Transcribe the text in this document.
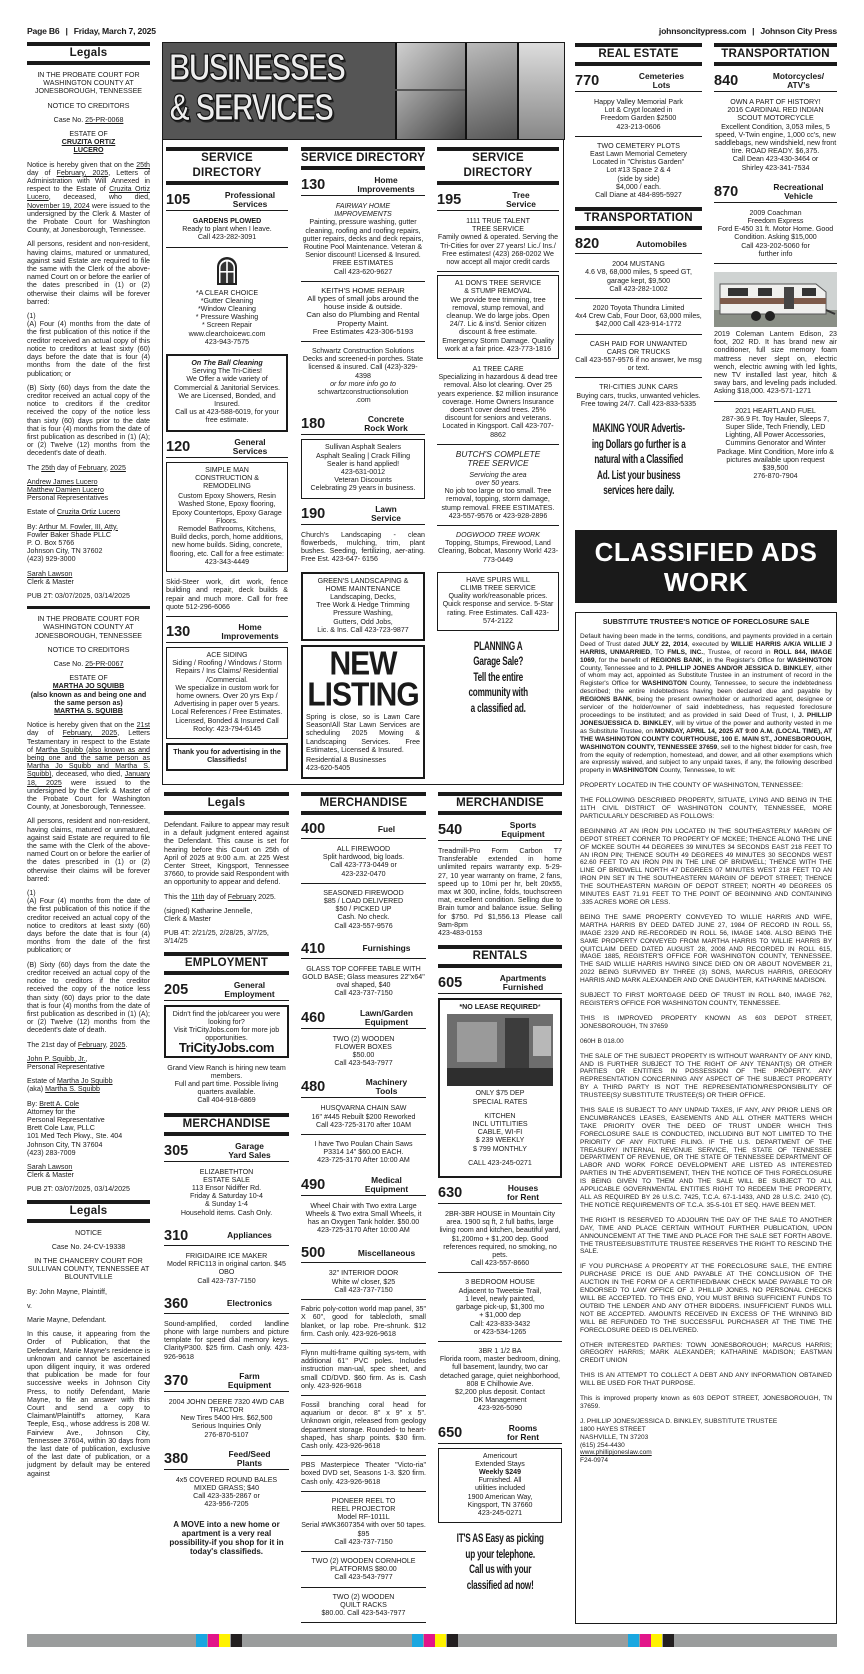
Page B6 | Friday, March 7, 2025	johnsoncitypress.com | Johnson City Press
BUSINESSES
& SERVICES
Legals
IN THE PROBATE COURT FOR WASHINGTON COUNTY AT JONESBOROUGH, TENNESSEE
NOTICE TO CREDITORS
Case No. 25-PR-0068
ESTATE OF
CRUZITA ORTIZ
LUCERO
Notice is hereby given that on the 25th day of February, 2025, Letters of Administration with Will Annexed in respect to the Estate of Cruzita Ortiz Lucero, deceased, who died, November 19, 2024 were issued to the undersigned by the Clerk & Master of the Probate Court for Washington County, at Jonesborough, Tennessee.
All persons, resident and non-resident, having claims, matured or unmatured, against said Estate are required to file the same with the Clerk of the above-named Court on or before the earlier of the dates prescribed in (1) or (2) otherwise their claims will be forever barred:
(1)
(A) Four (4) months from the date of the first publication of this notice if the creditor received an actual copy of this notice to creditors at least sixty (60) days before the date that is four (4) months from the date of the first publication; or
(B) Sixty (60) days from the date the creditor received an actual copy of the notice to creditors if the creditor received the copy of the notice less than sixty (60) days prior to the date that is four (4) months from the date of first publication as described in (1) (A); or (2) Twelve (12) months from the decedent's date of death.
The 25th day of February, 2025
Andrew James Lucero
Matthew Damien Lucero
Personal Representatives
Estate of Cruzita Ortiz Lucero
By: Arthur M. Fowler, III, Atty.
Fowler Baker Shade PLLC
P. O. Box 5766
Johnson City, TN 37602
(423) 929-3000
Sarah Lawson
Clerk & Master
PUB 2T: 03/07/2025, 03/14/2025
IN THE PROBATE COURT FOR WASHINGTON COUNTY AT JONESBOROUGH, TENNESSEE
NOTICE TO CREDITORS
Case No. 25-PR-0067
ESTATE OF
MARTHA JO SQUIBB
(also known as and being one and the same person as)
MARTHA S. SQUIBB
Notice is hereby given that on the 21st day of February, 2025, Letters Testamentary in respect to the Estate of Martha Squibb (also known as and being one and the same person as Martha Jo Squibb and Martha S. Squibb), deceased, who died, January 18, 2025 were issued to the undersigned by the Clerk & Master of the Probate Court for Washington County, at Jonesborough, Tennessee.
All persons, resident and non-resident, having claims, matured or unmatured, against said Estate are required to file the same with the Clerk of the above-named Court on or before the earlier of the dates prescribed in (1) or (2) otherwise their claims will be forever barred:
(1)
(A) Four (4) months from the date of the first publication of this notice if the creditor received an actual copy of the notice to creditors at least sixty (60) days before the date that is four (4) months from the date of the first publication; or
(B) Sixty (60) days from the date the creditor received an actual copy of the notice to creditors if the creditor received the copy of the notice less than sixty (60) days prior to the date that is four (4) months from the date of first publication as described in (1) (A); or (2) Twelve (12) months from the decedent's date of death.
The 21st day of February, 2025.
John P. Squibb, Jr.,
Personal Representative
Estate of Martha Jo Squibb
(aka) Martha S. Squibb
By: Brett A. Cole
Attorney for the
Personal Representative
Brett Cole Law, PLLC
101 Med Tech Pkwy., Ste. 404
Johnson City, TN 37604
(423) 283-7009
Sarah Lawson
Clerk & Master
PUB 2T: 03/07/2025, 03/14/2025
Legals
NOTICE
Case No. 24-CV-19338
IN THE CHANCERY COURT FOR SULLIVAN COUNTY, TENNESSEE AT BLOUNTVILLE
By: John Mayne, Plaintiff,
v.
Marie Mayne, Defendant.
In this cause, it appearing from the Order of Publication, that the Defendant, Marie Mayne's residence is unknown and cannot be ascertained upon diligent inquiry, it was ordered that publication be made for four successive weeks in Johnson City Press, to notify Defendant, Marie Mayne, to file an answer with this Court and send a copy to Claimant/Plaintiff's attorney, Kara Teeple, Esq., whose address is 208 W. Fairview Ave., Johnson City, Tennessee 37604, within 30 days from the last date of publication, exclusive of the last date of publication, or a judgment by default may be entered against
SERVICE DIRECTORY
105	Professional
Services
GARDENS PLOWED
Ready to plant when I leave.
Call 423-282-3091
*A CLEAR CHOICE
*Gutter Cleaning
*Window Cleaning
* Pressure Washing
* Screen Repair
www.clearchoicewc.com
423-943-7575
On The Ball Cleaning
Serving The Tri-Cities!
We Offer a wide variety of Commercial & Janitorial Services. We are Licensed, Bonded, and Insured.
Call us at 423-588-6019, for your free estimate.
120	General
Services
SIMPLE MAN
CONSTRUCTION &
REMODELING
Custom Epoxy Showers, Resin Washed Stone, Epoxy flooring, Epoxy Countertops, Epoxy Garage Floors.
Remodel Bathrooms, Kitchens, Build decks, porch, home additions, new home builds. Siding, concrete, flooring, etc. Call for a free estimate: 423-343-4449
Skid-Steer work, dirt work, fence building and repair, deck builds & repair and much more. Call for free quote 512-296-6066
130	Home
Improvements
ACE SIDING
Siding / Roofing / Windows / Storm Repairs / Ins Claims/ Residential /Commercial.
We specialize in custom work for home owners. Over 20 yrs Exp / Advertising in paper over 5 years. Local References / Free Estimates. Licensed, Bonded & Insured Call Rocky: 423-794-6145
Thank you for advertising in the Classifieds!
SERVICE DIRECTORY
130	Home
Improvements
FAIRWAY HOME
IMPROVEMENTS
Painting, pressure washing, gutter cleaning, roofing and roofing repairs, gutter repairs, decks and deck repairs, Routine Pool Maintenance. Veteran & Senior discount! Licensed & Insured. FREE ESTIMATES
Call 423-620-9627
KEITH'S HOME REPAIR
All types of small jobs around the house inside & outside.
Can also do Plumbing and Rental Property Maint.
Free Estimates 423-306-5193
Schwartz Construction Solutions
Decks and screened-in porches. State licensed & insured. Call (423)-329-4398
or for more info go to
schwartzconstructionsolution
.com
180	Concrete
Rock Work
Sullivan Asphalt Sealers
Asphalt Sealing | Crack Filling
Sealer is hand applied!
423-631-0012
Veteran Discounts
Celebrating 29 years in business.
190	Lawn
Service
Church's Landscaping - clean flowerbeds, mulching, trim, plant bushes. Seeding, fertilizing, aer-ating. Free Est. 423-647- 6156
GREEN'S LANDSCAPING &
HOME MAINTENANCE
Landscaping, Decks,
Tree Work & Hedge Trimming
Pressure Washing,
Gutters, Odd Jobs,
Lic. & Ins. Call 423-723-9877
NEW
LISTING
Spring is close, so is Lawn Care Season!All Star Lawn Services are scheduling 2025 Mowing & Landscaping Services. Free Estimates, Licensed & Insured.
Residential & Businesses
423-620-5405
SERVICE DIRECTORY
195	Tree
Service
1111 TRUE TALENT
TREE SERVICE
Family owned & operated. Serving the Tri-Cities for over 27 years! Lic./ Ins./ Free estimates! (423) 268-0202 We now accept all major credit cards
A1 DON'S TREE SERVICE
& STUMP REMOVAL
We provide tree trimming, tree removal, stump removal, and cleanup. We do large jobs. Open 24/7. Lic & ins'd. Senior citizen discount & free estimate. Emergency Storm Damage. Quality work at a fair price. 423-773-1816
A1 TREE CARE
Specializing in hazardous & dead tree removal. Also lot clearing. Over 25 years experience. $2 million insurance coverage. Home Owners Insurance doesn't cover dead trees. 25% discount for seniors and veterans. Located in Kingsport. Call 423-707-8862
BUTCH'S COMPLETE
TREE SERVICE
Servicing the area
over 50 years.
No job too large or too small. Tree removal, topping, storm damage, stump removal. FREE ESTIMATES.
423-557-9576 or 423-928-2896
DOGWOOD TREE WORK
Topping, Stumps, Firewood, Land Clearing, Bobcat, Masonry Work! 423-773-0449
HAVE SPURS WILL
CLIMB TREE SERVICE
Quality work/reasonable prices. Quick response and service. 5-Star rating. Free Estimates. Call 423-574-2122
PLANNING A
Garage Sale?
Tell the entire
community with
a classified ad.
Legals
Defendant. Failure to appear may result in a default judgment entered against the Defendant. This cause is set for hearing before this Court on 25th of April of 2025 at 9:00 a.m. at 225 West Center Street, Kingsport, Tennessee 37660, to provide said Respondent with an opportunity to appear and defend.
This the 11th day of February 2025.
(signed) Katharine Jennelle,
Clerk & Master
PUB 4T: 2/21/25, 2/28/25, 3/7/25, 3/14/25
EMPLOYMENT
205	General
Employment
Didn't find the job/career you were looking for?
Visit TriCityJobs.com for more job opportunities.
TriCityJobs.com
Grand View Ranch is hiring new team members.
Full and part time. Possible living quarters available.
Call 404-918-6869
MERCHANDISE
305	Garage
Yard Sales
ELIZABETHTON
ESTATE SALE
113 Ensor Nidiffer Rd.
Friday & Saturday 10-4
& Sunday 1-4
Household items. Cash Only.
310	Appliances
FRIGIDAIRE ICE MAKER
Model RFIC113 in original carton. $45 OBO
Call 423-737-7150
360	Electronics
Sound-amplified, corded landline phone with large numbers and picture template for speed dial memory keys. ClarityP300. $25 firm. Cash only. 423-926-9618
370	Farm
Equipment
2004 JOHN DEERE 7320 4WD CAB TRACTOR
New Tires 5400 Hrs. $62,500
Serious Inquiries Only
276-870-5107
380	Feed/Seed
Plants
4x5 COVERED ROUND BALES
MIXED GRASS; $40
Call 423-335-2867 or
423-956-7205
A MOVE into a new home or apartment is a very real possibility-if you shop for it in today's classifieds.
MERCHANDISE
400	Fuel
ALL FIREWOOD
Split hardwood, big loads.
Call 423-773-0449 or
423-232-0470
SEASONED FIREWOOD
$85 / LOAD DELIVERED
$50 / PICKED UP
Cash. No check.
Call 423-557-9576
410	Furnishings
GLASS TOP COFFEE TABLE WITH GOLD BASE; Glass measures 22"x64" oval shaped, $40
Call 423-737-7150
460	Lawn/Garden
Equipment
TWO (2) WOODEN
FLOWER BOXES
$50.00
Call 423-543-7977
480	Machinery
Tools
HUSQVARNA CHAIN SAW
16" #445 Rebuilt $200 Reworked
Call 423-725-3170 after 10AM
I have Two Poulan Chain Saws
P3314 14" $60.00 EACH.
423-725-3170 After 10:00 AM
490	Medical
Equipment
Wheel Chair with Two extra Large Wheels & Two extra Small Wheels, it has an Oxygen Tank holder. $50.00
423-725-3170 After 10:00 AM
500	Miscellaneous
32" INTERIOR DOOR
White w/ closer, $25
Call 423-737-7150
Fabric poly-cotton world map panel, 35" X 60", good for tablecloth, small blanket, or lap robe. Pre-shrunk. $12 firm. Cash only. 423-926-9618
Flynn multi-frame quilting sys-tem, with additional 61" PVC poles. Includes instruction man-ual, spec sheet, and small CD/DVD. $60 firm. As is. Cash only. 423-926-9618
Fossil branching coral head for aquarium or decor. 8" x 9" x 5". Unknown origin, released from geology department storage. Rounded- to heart-shaped, has sharp points. $30 firm. Cash only. 423-926-9618
PBS Masterpiece Theater "Victo-ria" boxed DVD set, Seasons 1-3. $20 firm. Cash only. 423-926-9618
PIONEER REEL TO
REEL PROJECTOR
Model RF-1011L
Serial #WK3607354 with over 50 tapes. $95
Call 423-737-7150
TWO (2) WOODEN CORNHOLE
PLATFORMS $80.00
Call 423-543-7977
TWO (2) WOODEN
QUILT RACKS
$80.00. Call 423-543-7977
MERCHANDISE
540	Sports
Equipment
Treadmill-Pro Form Carbon T7 Transferable extended in home unlimited repairs warranty exp. 5-29-27, 10 year warranty on frame, 2 fans, speed up to 10mi per hr, belt 20x55, max wt 300, incline, folds, touchscreen mat, excellent condition. Selling due to Brain tumor and balance issue. Selling for $750. Pd $1,556.13 Please call 9am-8pm
423-483-0153
RENTALS
605	Apartments
Furnished
*NO LEASE REQUIRED*
ONLY $75 DEP
SPECIAL RATES
KITCHEN
INCL UTITLITIES
CABLE, WI-FI
$ 239 WEEKLY
$ 799 MONTHLY
CALL 423-245-0271
630	Houses
for Rent
2BR-3BR HOUSE in Mountain City area. 1900 sq ft, 2 full baths, large living room and kitchen, beautiful yard, $1,200mo + $1,200 dep. Good references required, no smoking, no pets.
Call 423-557-8660
3 BEDROOM HOUSE
Adjacent to Tweetsie Trail,
1 level, newly painted,
garbage pick-up, $1,300 mo
+ $1,000 dep
Call: 423-833-3432
or 423-534-1265
3BR 1 1/2 BA
Florida room, master bedroom, dining, full basement, laundry, two car detached garage, quiet neighborhood,
808 E Chilhowie Ave.
$2,200 plus deposit. Contact
DK Management
423-926-5090
650	Rooms
for Rent
Americourt
Extended Stays
Weekly $249
Furnished. All
utilities included
1900 American Way,
Kingsport, TN 37660
423-245-0271
IT'S AS Easy as picking
up your telephone.
Call us with your
classified ad now!
REAL ESTATE
770	Cemeteries
Lots
Happy Valley Memorial Park
Lot & Crypt located in
Freedom Garden $2500
423-213-0606
TWO CEMETERY PLOTS
East Lawn Memorial Cemetery
Located in "Christus Garden"
Lot #13 Space 2 & 4
(side by side)
$4,000 / each.
Call Diane at 484-895-5927
TRANSPORTATION
820	Automobiles
2004 MUSTANG
4.6 V8, 68,000 miles, 5 speed GT, garage kept, $9,500
Call 423-282-1002
2020 Toyota Thundra Limited
4x4 Crew Cab, Four Door, 63,000 miles,
$42,000 Call 423-914-1772
CASH PAID FOR UNWANTED
CARS OR TRUCKS
Call 423-557-9576 if no answer, lve msg or text.
TRI-CITIES JUNK CARS
Buying cars, trucks, unwanted vehicles. Free towing 24/7. Call 423-833-5335
MAKING YOUR Advertis-
ing Dollars go further is a
natural with a Classified
Ad. List your business
services here daily.
TRANSPORTATION
840	Motorcycles/
ATV's
OWN A PART OF HISTORY!
2016 CARDINAL RED INDIAN
SCOUT MOTORCYCLE
Excellent Condition, 3,053 miles, 5 speed, V-Twin engine, 1,000 cc's, new saddlebags, new windshield, new front tire. ROAD READY. $6,375.
Call Dean 423-430-3464 or
Shirley 423-341-7534
870	Recreational
Vehicle
2009 Coachman
Freedom Express
Ford E-450 31 ft. Motor Home. Good Condition. Asking $15,000
Call 423-202-5060 for
further info
2019 Coleman Lantern Edison, 23 foot, 202 RD. It has brand new air conditioner, full size memory foam mattress never slept on, electric wench, electric awning with led lights, new TV installed last year, hitch & sway bars, and leveling pads included. Asking $18,000. 423-571-1271
2021 HEARTLAND FUEL
287-36.9 Ft. Toy Hauler, Sleeps 7, Super Slide, Tech Friendly, LED Lighting, All Power Accessories, Cummins Genorator and Winter Package. Mint Condition, More info & pictures available upon request
$39,500
276-870-7904
CLASSIFIED ADS
WORK
SUBSTITUTE TRUSTEE'S NOTICE OF FORECLOSURE SALE
Default having been made in the terms, conditions, and payments provided in a certain Deed of Trust dated JULY 22, 2014, executed by WILLIE HARRIS A/K/A WILLIE J HARRIS, UNMARRIED, TO FMLS, INC., Trustee, of record in ROLL 844, IMAGE 1069, for the benefit of REGIONS BANK, in the Register's Office for WASHINGTON County, Tennessee and to J. PHILLIP JONES AND/OR JESSICA D. BINKLEY, either of whom may act, appointed as Substitute Trustee in an instrument of record in the Register's Office for WASHINGTON County, Tennessee, to secure the indebtedness described; the entire indebtedness having been declared due and payable by REGIONS BANK, being the present owner/holder or authorized agent, designee or servicer of the holder/owner of said indebtedness, has requested foreclosure proceedings to be instituted; and as provided in said Deed of Trust, I, J. PHILLIP JONES/JESSICA D. BINKLEY, will by virtue of the power and authority vested in me as Substitute Trustee, on MONDAY, APRIL 14, 2025 AT 9:00 A.M. (LOCAL TIME), AT THE WASHINGTON COUNTY COURTHOUSE, 100 E. MAIN ST., JONESBOROUGH, WASHINGTON COUNTY, TENNESSEE 37659, sell to the highest bidder for cash, free from the equity of redemption, homestead, and dower, and all other exemptions which are expressly waived, and subject to any unpaid taxes, if any, the following described property in WASHINGTON County, Tennessee, to wit:
PROPERTY LOCATED IN THE COUNTY OF WASHINGTON, TENNESSEE:
THE FOLLOWING DESCRIBED PROPERTY, SITUATE, LYING AND BEING IN THE 11TH CIVIL DISTRICT OF WASHINGTON COUNTY, TENNESSEE, MORE PARTICULARLY DESCRIBED AS FOLLOWS:
BEGINNING AT AN IRON PIN LOCATED IN THE SOUTHEASTERLY MARGIN OF DEPOT STREET CORNER TO PROPERTY OF MCKEE; THENCE ALONG THE LINE OF MCKEE SOUTH 44 DEGREES 39 MINUTES 34 SECONDS EAST 218 FEET TO AN IRON PIN; THENCE SOUTH 49 DEGREES 49 MINUTES 30 SECONDS WEST 62.60 FEET TO AN IRON PIN IN THE LINE OF BRIDWELL; THENCE WITH THE LINE OF BRIDWELL NORTH 47 DEGREES 07 MINUTES WEST 218 FEET TO AN IRON PIN SET IN THE SOUTHEASTERN MARGIN OF DEPOT STREET; THENCE THE SOUTHEASTERN MARGIN OF DEPOT STREET; NORTH 49 DEGREES 05 MINUTES EAST 71.91 FEET TO THE POINT OF BEGINNING AND CONTAINING .335 ACRES MORE OR LESS.
BEING THE SAME PROPERTY CONVEYED TO WILLIE HARRIS AND WIFE, MARTHA HARRIS BY DEED DATED JUNE 27, 1984 OF RECORD IN ROLL 55, IMAGE 2329 AND RE-RECORDED IN ROLL 56, IMAGE 1408. ALSO BEING THE SAME PROPERTY CONVEYED FROM MARTHA HARRIS TO WILLIE HARRIS BY QUITCLAIM DEED DATED AUGUST 28, 2008 AND RECORDED IN ROLL 615, IMAGE 1885, REGISTER'S OFFICE FOR WASHINGTON COUNTY, TENNESSEE. THE SAID WILLIE HARRIS HAVING SINCE DIED ON OR ABOUT NOVEMBER 21, 2022 BEING SURVIVED BY THREE (3) SONS, MARCUS HARRIS, GREGORY HARRIS AND MARK ALEXANDER AND ONE DAUGHTER, KATHARINE MADISON.
SUBJECT TO FIRST MORTGAGE DEED OF TRUST IN ROLL 840, IMAGE 762, REGISTER'S OFFICE FOR WASHINGTON COUNTY, TENNESSEE.
THIS IS IMPROVED PROPERTY KNOWN AS 603 DEPOT STREET, JONESBOROUGH, TN 37659
060H B 018.00
THE SALE OF THE SUBJECT PROPERTY IS WITHOUT WARRANTY OF ANY KIND, AND IS FURTHER SUBJECT TO THE RIGHT OF ANY TENANT(S) OR OTHER PARTIES OR ENTITIES IN POSSESSION OF THE PROPERTY. ANY REPRESENTATION CONCERNING ANY ASPECT OF THE SUBJECT PROPERTY BY A THIRD PARTY IS NOT THE REPRESENTATION/RESPONSIBILITY OF TRUSTEE(S)/ SUBSTITUTE TRUSTEE(S) OR THEIR OFFICE.
THIS SALE IS SUBJECT TO ANY UNPAID TAXES, IF ANY, ANY PRIOR LIENS OR ENCUMBRANCES LEASES, EASEMENTS AND ALL OTHER MATTERS WHICH TAKE PRIORITY OVER THE DEED OF TRUST UNDER WHICH THIS FORECLOSURE SALE IS CONDUCTED, INCLUDING BUT NOT LIMITED TO THE PRIORITY OF ANY FIXTURE FILING. IF THE U.S. DEPARTMENT OF THE TREASURY/ INTERNAL REVENUE SERVICE, THE STATE OF TENNESSEE DEPARTMENT OF REVENUE, OR THE STATE OF TENNESSEE DEPARTMENT OF LABOR AND WORK FORCE DEVELOPMENT ARE LISTED AS INTERESTED PARTIES IN THE ADVERTISEMENT, THEN THE NOTICE OF THIS FORECLOSURE IS BEING GIVEN TO THEM AND THE SALE WILL BE SUBJECT TO ALL APPLICABLE GOVERNMENTAL ENTITIES RIGHT TO REDEEM THE PROPERTY, ALL AS REQUIRED BY 26 U.S.C. 7425, T.C.A. 67-1-1433, AND 28 U.S.C. 2410 (C). THE NOTICE REQUIREMENTS OF T.C.A. 35-5-101 ET SEQ. HAVE BEEN MET.
THE RIGHT IS RESERVED TO ADJOURN THE DAY OF THE SALE TO ANOTHER DAY, TIME AND PLACE CERTAIN WITHOUT FURTHER PUBLICATION, UPON ANNOUNCEMENT AT THE TIME AND PLACE FOR THE SALE SET FORTH ABOVE. THE TRUSTEE/SUBSTITUTE TRUSTEE RESERVES THE RIGHT TO RESCIND THE SALE.
IF YOU PURCHASE A PROPERTY AT THE FORECLOSURE SALE, THE ENTIRE PURCHASE PRICE IS DUE AND PAYABLE AT THE CONCLUSION OF THE AUCTION IN THE FORM OF A CERTIFIED/BANK CHECK MADE PAYABLE TO OR ENDORSED TO LAW OFFICE OF J. PHILLIP JONES. NO PERSONAL CHECKS WILL BE ACCEPTED. TO THIS END, YOU MUST BRING SUFFICIENT FUNDS TO OUTBID THE LENDER AND ANY OTHER BIDDERS. INSUFFICIENT FUNDS WILL NOT BE ACCEPTED. AMOUNTS RECEIVED IN EXCESS OF THE WINNING BID WILL BE REFUNDED TO THE SUCCESSFUL PURCHASER AT THE TIME THE FORECLOSURE DEED IS DELIVERED.
OTHER INTERESTED PARTIES: TOWN JONESBOROUGH; MARCUS HARRIS; GREGORY HARRIS; MARK ALEXANDER; KATHARINE MADISON; EASTMAN CREDIT UNION
THIS IS AN ATTEMPT TO COLLECT A DEBT AND ANY INFORMATION OBTAINED WILL BE USED FOR THAT PURPOSE.
This is improved property known as 603 DEPOT STREET, JONESBOROUGH, TN 37659.
J. PHILLIP JONES/JESSICA D. BINKLEY, SUBSTITUTE TRUSTEE
1800 HAYES STREET
NASHVILLE, TN 37203
(615) 254-4430
www.phillipjoneslaw.com
F24-0974
